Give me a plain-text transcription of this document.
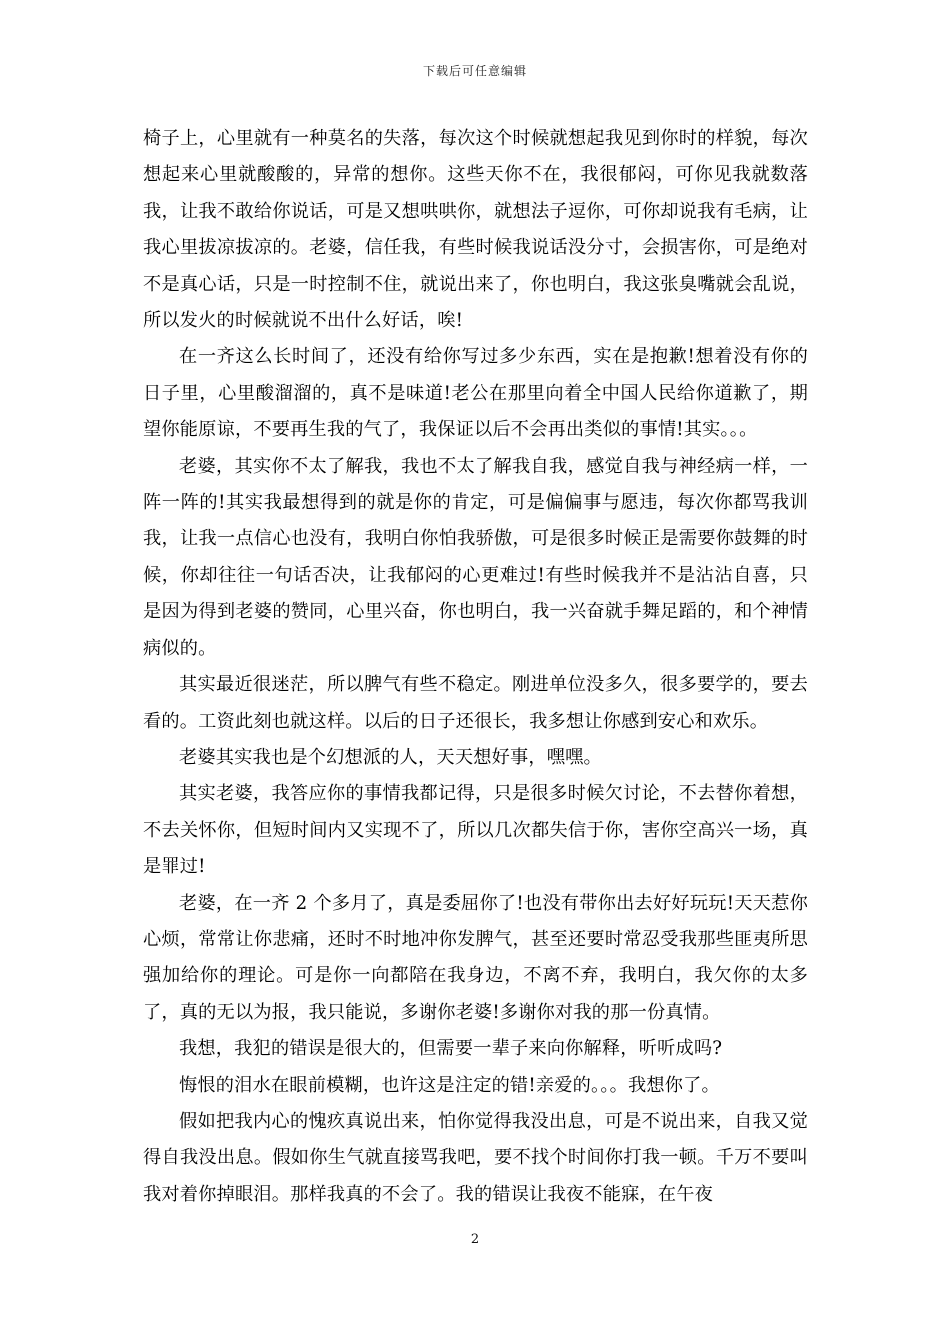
下载后可任意编辑

椅子上，心里就有一种莫名的失落，每次这个时候就想起我见到你时的样貌，每次想起来心里就酸酸的，异常的想你。这些天你不在，我很郁闷，可你见我就数落我，让我不敢给你说话，可是又想哄哄你，就想法子逗你，可你却说我有毛病，让我心里拔凉拔凉的。老婆，信任我，有些时候我说话没分寸，会损害你，可是绝对不是真心话，只是一时控制不住，就说出来了，你也明白，我这张臭嘴就会乱说，所以发火的时候就说不出什么好话，唉!

在一齐这么长时间了，还没有给你写过多少东西，实在是抱歉!想着没有你的日子里，心里酸溜溜的，真不是味道!老公在那里向着全中国人民给你道歉了，期望你能原谅，不要再生我的气了，我保证以后不会再出类似的事情!其实。。。

老婆，其实你不太了解我，我也不太了解我自我，感觉自我与神经病一样，一阵一阵的!其实我最想得到的就是你的肯定，可是偏偏事与愿违，每次你都骂我训我，让我一点信心也没有，我明白你怕我骄傲，可是很多时候正是需要你鼓舞的时候，你却往往一句话否决，让我郁闷的心更难过!有些时候我并不是沾沾自喜，只是因为得到老婆的赞同，心里兴奋，你也明白，我一兴奋就手舞足蹈的，和个神情病似的。

其实最近很迷茫，所以脾气有些不稳定。刚进单位没多久，很多要学的，要去看的。工资此刻也就这样。以后的日子还很长，我多想让你感到安心和欢乐。

老婆其实我也是个幻想派的人，天天想好事，嘿嘿。

其实老婆，我答应你的事情我都记得，只是很多时候欠讨论，不去替你着想，不去关怀你，但短时间内又实现不了，所以几次都失信于你，害你空高兴一场，真是罪过!

老婆，在一齐 2 个多月了，真是委屈你了!也没有带你出去好好玩玩!天天惹你心烦，常常让你悲痛，还时不时地冲你发脾气，甚至还要时常忍受我那些匪夷所思强加给你的理论。可是你一向都陪在我身边，不离不弃，我明白，我欠你的太多了，真的无以为报，我只能说，多谢你老婆!多谢你对我的那一份真情。

我想，我犯的错误是很大的，但需要一辈子来向你解释，听听成吗?

悔恨的泪水在眼前模糊，也许这是注定的错!亲爱的。。。我想你了。

假如把我内心的愧疚真说出来，怕你觉得我没出息，可是不说出来，自我又觉得自我没出息。假如你生气就直接骂我吧，要不找个时间你打我一顿。千万不要叫我对着你掉眼泪。那样我真的不会了。我的错误让我夜不能寐，在午夜

2
